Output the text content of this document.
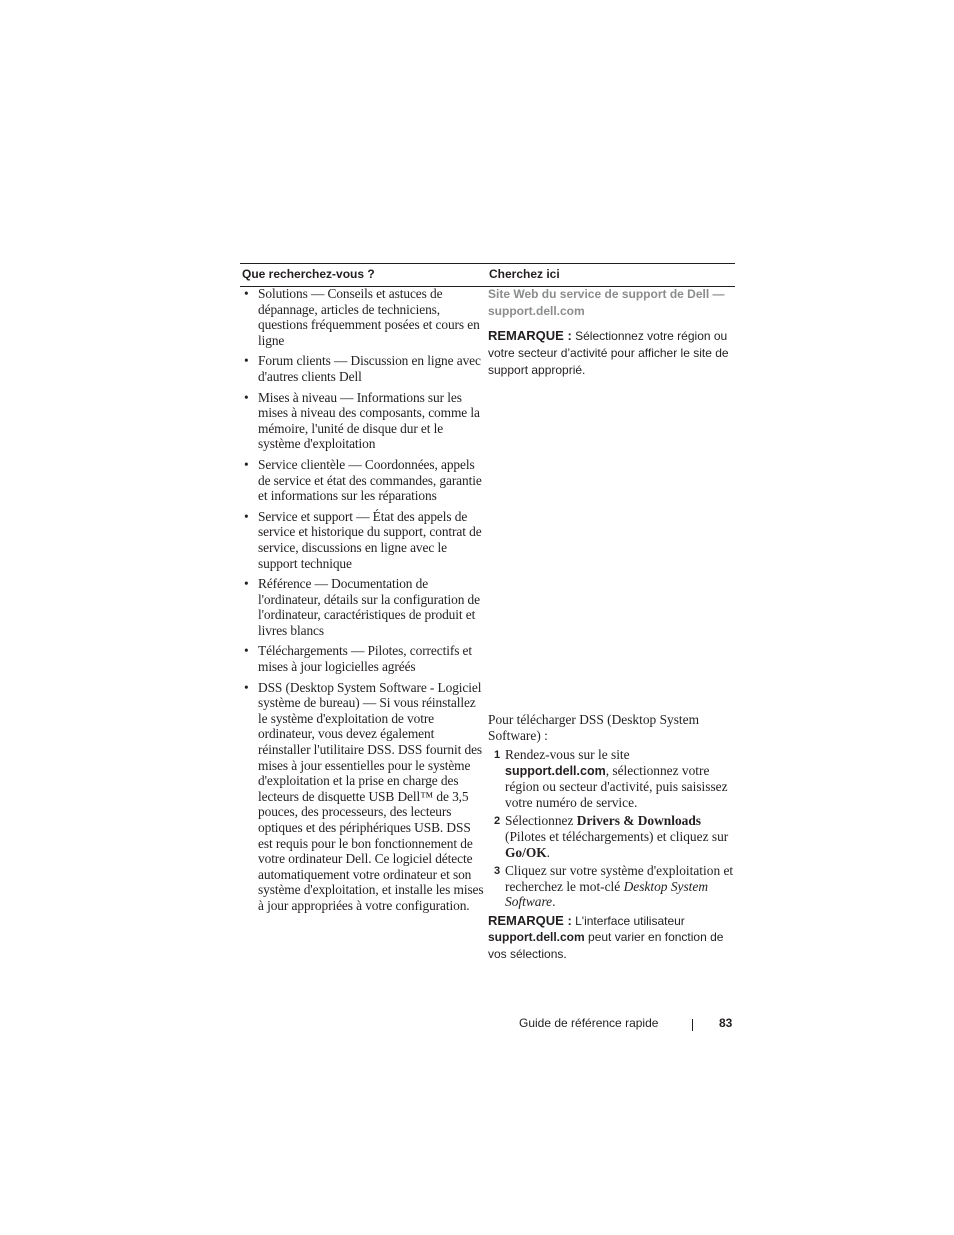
Que recherchez-vous ?	Cherchez ici
• Solutions — Conseils et astuces de dépannage, articles de techniciens, questions fréquemment posées et cours en ligne
• Forum clients — Discussion en ligne avec d'autres clients Dell
• Mises à niveau — Informations sur les mises à niveau des composants, comme la mémoire, l'unité de disque dur et le système d'exploitation
• Service clientèle — Coordonnées, appels de service et état des commandes, garantie et informations sur les réparations
• Service et support — État des appels de service et historique du support, contrat de service, discussions en ligne avec le support technique
• Référence — Documentation de l'ordinateur, détails sur la configuration de l'ordinateur, caractéristiques de produit et livres blancs
• Téléchargements — Pilotes, correctifs et mises à jour logicielles agréés
• DSS (Desktop System Software - Logiciel système de bureau) — Si vous réinstallez le système d'exploitation de votre ordinateur, vous devez également réinstaller l'utilitaire DSS. DSS fournit des mises à jour essentielles pour le système d'exploitation et la prise en charge des lecteurs de disquette USB Dell™ de 3,5 pouces, des processeurs, des lecteurs optiques et des périphériques USB. DSS est requis pour le bon fonctionnement de votre ordinateur Dell. Ce logiciel détecte automatiquement votre ordinateur et son système d'exploitation, et installe les mises à jour appropriées à votre configuration.
Site Web du service de support de Dell — support.dell.com
REMARQUE : Sélectionnez votre région ou votre secteur d’activité pour afficher le site de support approprié.
Pour télécharger DSS (Desktop System Software) :
1 Rendez-vous sur le site
support.dell.com, sélectionnez votre région ou secteur d'activité, puis saisissez votre numéro de service.
2 Sélectionnez Drivers & Downloads
(Pilotes et téléchargements) et cliquez sur Go/OK.
3 Cliquez sur votre système d'exploitation et recherchez le mot-clé Desktop System Software.
REMARQUE : L'interface utilisateur
support.dell.com peut varier en fonction de vos sélections.
Guide de référence rapide	83
